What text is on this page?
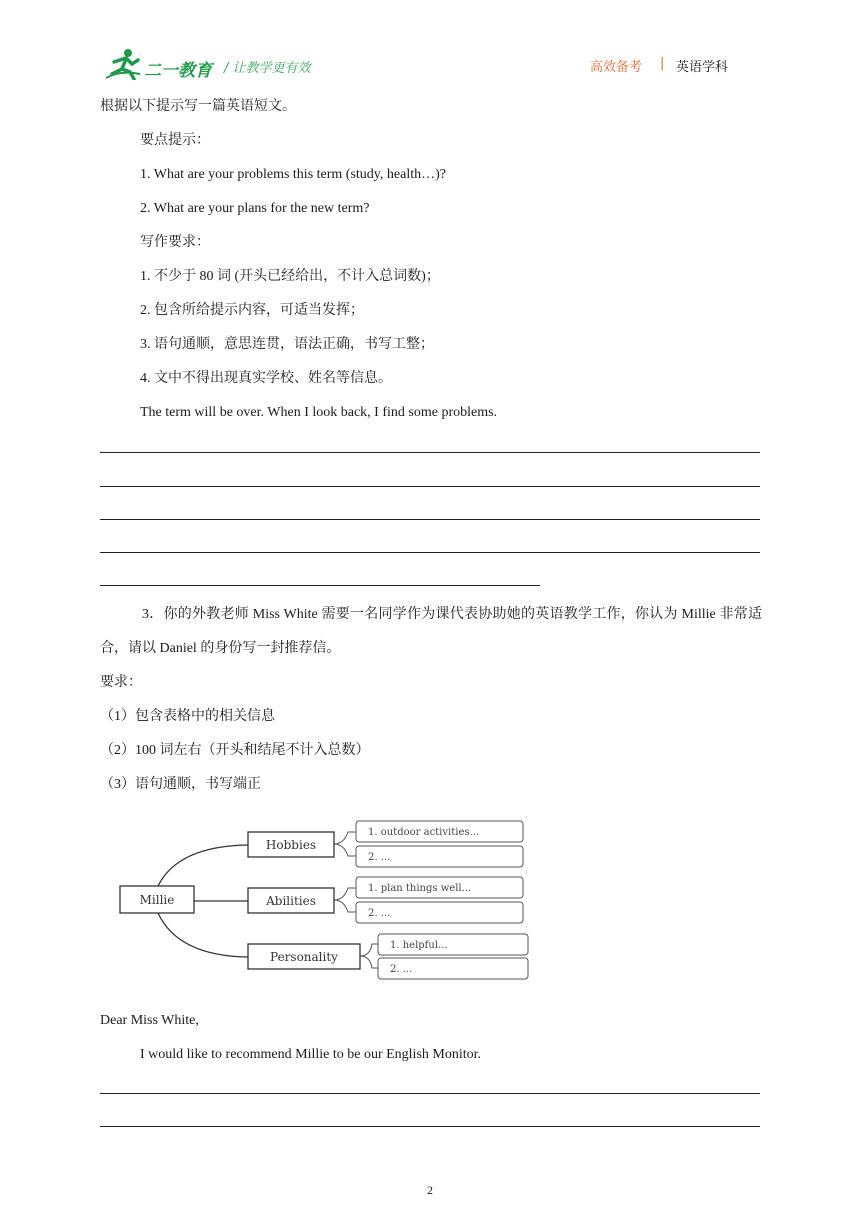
二一教育 / 让教学更有效	高效备考 | 英语学科
根据以下提示写一篇英语短文。
要点提示：
1. What are your problems this term (study, health…)?
2. What are your plans for the new term?
写作要求：
1. 不少于 80 词 (开头已经给出，不计入总词数)；
2. 包含所给提示内容，可适当发挥；
3. 语句通顺，意思连贯，语法正确，书写工整；
4. 文中不得出现真实学校、姓名等信息。
The term will be over. When I look back, I find some problems.
3．你的外教老师 Miss White 需要一名同学作为课代表协助她的英语教学工作，你认为 Millie 非常适合，请以 Daniel 的身份写一封推荐信。
要求：
（1）包含表格中的相关信息
（2）100 词左右（开头和结尾不计入总数）
（3）语句通顺，书写端正
Millie
Hobbies
1. outdoor activities...
2. ...
Abilities
1. plan things well...
2. ...
Personality
1. helpful...
2. ...
Dear Miss White,
I would like to recommend Millie to be our English Monitor.
2
